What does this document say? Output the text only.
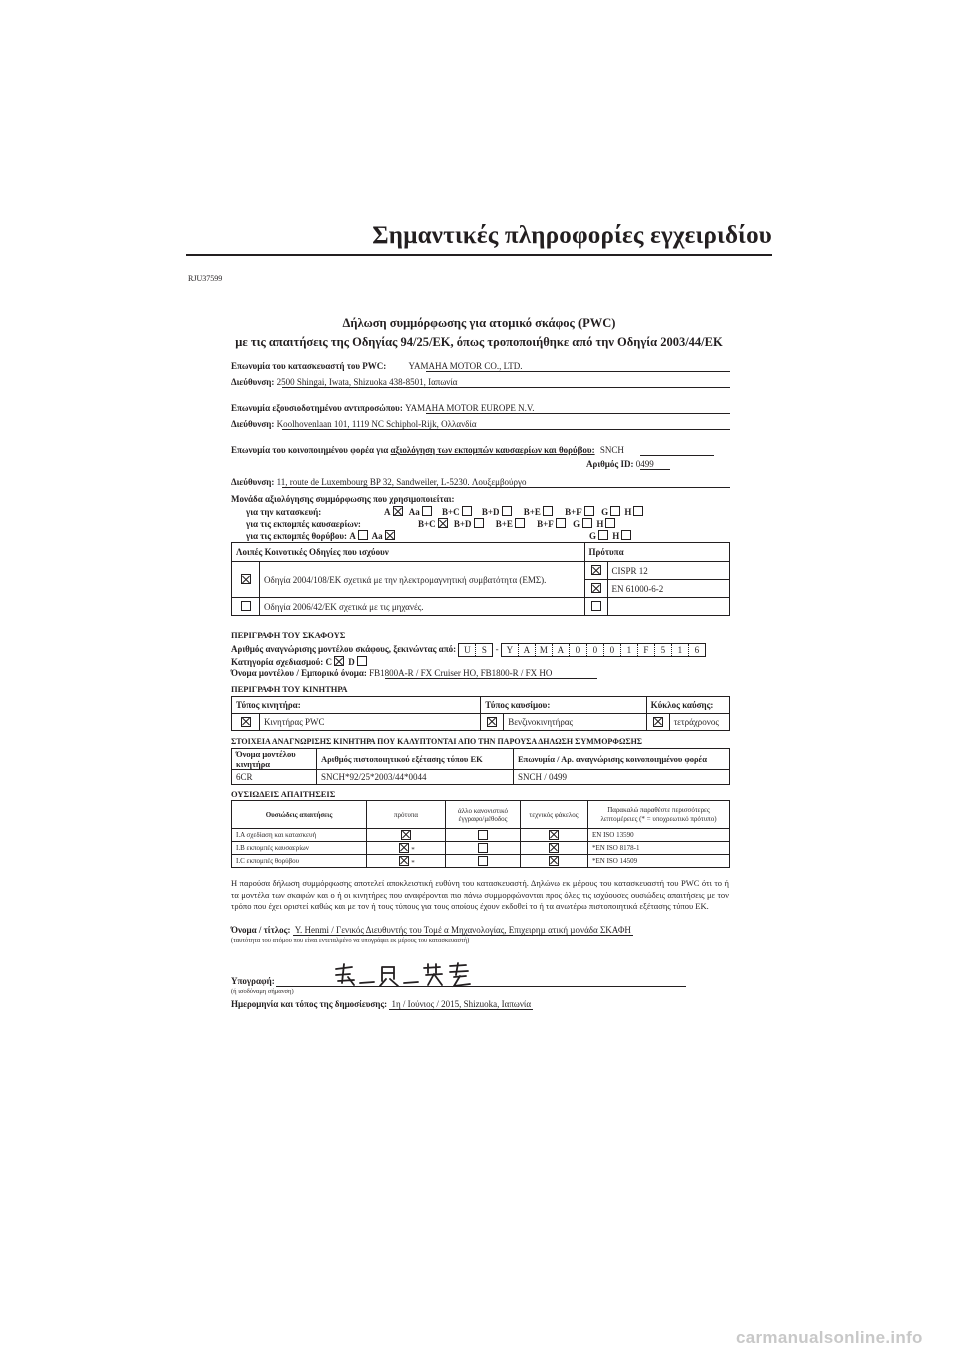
Σημαντικές πληροφορίες εγχειριδίου
RJU37599
Δήλωση συμμόρφωσης για ατομικό σκάφος (PWC)
με τις απαιτήσεις της Οδηγίας 94/25/ΕΚ, όπως τροποποιήθηκε από την Οδηγία 2003/44/ΕΚ
Επωνυμία του κατασκευαστή του PWC: YAMAHA MOTOR CO., LTD.
Διεύθυνση: 2500 Shingai, Iwata, Shizuoka 438-8501, Ιαπωνία
Επωνυμία εξουσιοδοτημένου αντιπροσώπου: YAMAHA MOTOR EUROPE N.V.
Διεύθυνση: Koolhovenlaan 101, 1119 NC Schiphol-Rijk, Ολλανδία
Επωνυμία του κοινοποιημένου φορέα για αξιολόγηση των εκπομπών καυσαερίων και θορύβου: SNCH
Αριθμός ID: 0499
Διεύθυνση: 11, route de Luxembourg BP 32, Sandweiler, L-5230. Λουξεμβούργο
Μονάδα αξιολόγησης συμμόρφωσης που χρησιμοποιείται:
για την κατασκευή:	A Aa B+C B+D	B+E	B+F G H
για τις εκπομπές καυσαερίων:	B+C B+D	B+E	B+F G H
για τις εκπομπές θορύβου: A Aa	G H
Λοιπές Κοινοτικές Οδηγίες που ισχύουν		Πρότυπα	
	Οδηγία 2004/108/ΕΚ σχετικά με την ηλεκτρομαγνητική συμβατότητα (ΕΜΣ).		CISPR 12
			EN 61000-6-2
	Οδηγία 2006/42/ΕΚ σχετικά με τις μηχανές.		
ΠΕΡΙΓΡΑΦΗ ΤΟΥ ΣΚΑΦΟΥΣ
Αριθμός αναγνώρισης μοντέλου σκάφους, ξεκινώντας από: U S - Y A M A 0 0 0 1 F 5 1 6
Κατηγορία σχεδιασμού: C D
Όνομα μοντέλου / Εμπορικό όνομα: FB1800A-R / FX Cruiser HO, FB1800-R / FX HO
ΠΕΡΙΓΡΑΦΗ ΤΟΥ ΚΙΝΗΤΗΡΑ
Τύπος κινητήρα:		Τύπος καυσίμου:		Κύκλος καύσης:	
	Κινητήρας PWC		Βενζινοκινητήρας		τετράχρονος
ΣΤΟΙΧΕΙΑ ΑΝΑΓΝΩΡΙΣΗΣ ΚΙΝΗΤΗΡΑ ΠΟΥ ΚΑΛΥΠΤΟΝΤΑΙ ΑΠΟ ΤΗΝ ΠΑΡΟΥΣΑ ΔΗΛΩΣΗ ΣΥΜΜΟΡΦΩΣΗΣ
Όνομα μοντέλου κινητήρα	Αριθμός πιστοποιητικού εξέτασης τύπου ΕΚ	Επωνυμία / Αρ. αναγνώρισης κοινοποιημένου φορέα
6CR	SNCH*92/25*2003/44*0044	SNCH / 0499
ΟΥΣΙΩΔΕΙΣ ΑΠΑΙΤΗΣΕΙΣ
Ουσιώδεις απαιτήσεις	πρότυπα	άλλο κανονιστικό έγγραφο/μέθοδος	τεχνικός φάκελος	Παρακαλώ παραθέστε περισσότερες λεπτομέρειες (* = υποχρεωτικό πρότυπο)
I.A σχεδίαση και κατασκευή				EN ISO 13590
I.B εκπομπές καυσαερίων	*			*EN ISO 8178-1
I.C εκπομπές θορύβου	*			*EN ISO 14509
Η παρούσα δήλωση συμμόρφωσης αποτελεί αποκλειστική ευθύνη του κατασκευαστή. Δηλώνω εκ μέρους του κατασκευαστή του PWC ότι το ή τα μοντέλα των σκαφών και ο ή οι κινητήρες που αναφέρονται πιο πάνω συμμορφώνονται προς όλες τις ισχύουσες ουσιώδεις απαιτήσεις με τον τρόπο που έχει οριστεί καθώς και με τον ή τους τύπους για τους οποίους έχουν εκδοθεί το ή τα ανωτέρω πιστοποιητικά εξέτασης τύπου ΕΚ.
Όνομα / τίτλος: Y. Henmi / Γενικός Διευθυντής του Τομέ α Μηχανολογίας, Επιχειρηµ ατική µονάδα ΣΚΑΦΗ
(ταυτότητα του ατόμου που είναι εντεταλμένο να υπογράφει εκ μέρους του κατασκευαστή)
Υπογραφή:
(ή ισοδύναμη σήμανση)
Ημερομηνία και τόπος της δημοσίευσης: 1η / Ιούνιος / 2015, Shizuoka, Ιαπωνία
carmanualsonline.info
